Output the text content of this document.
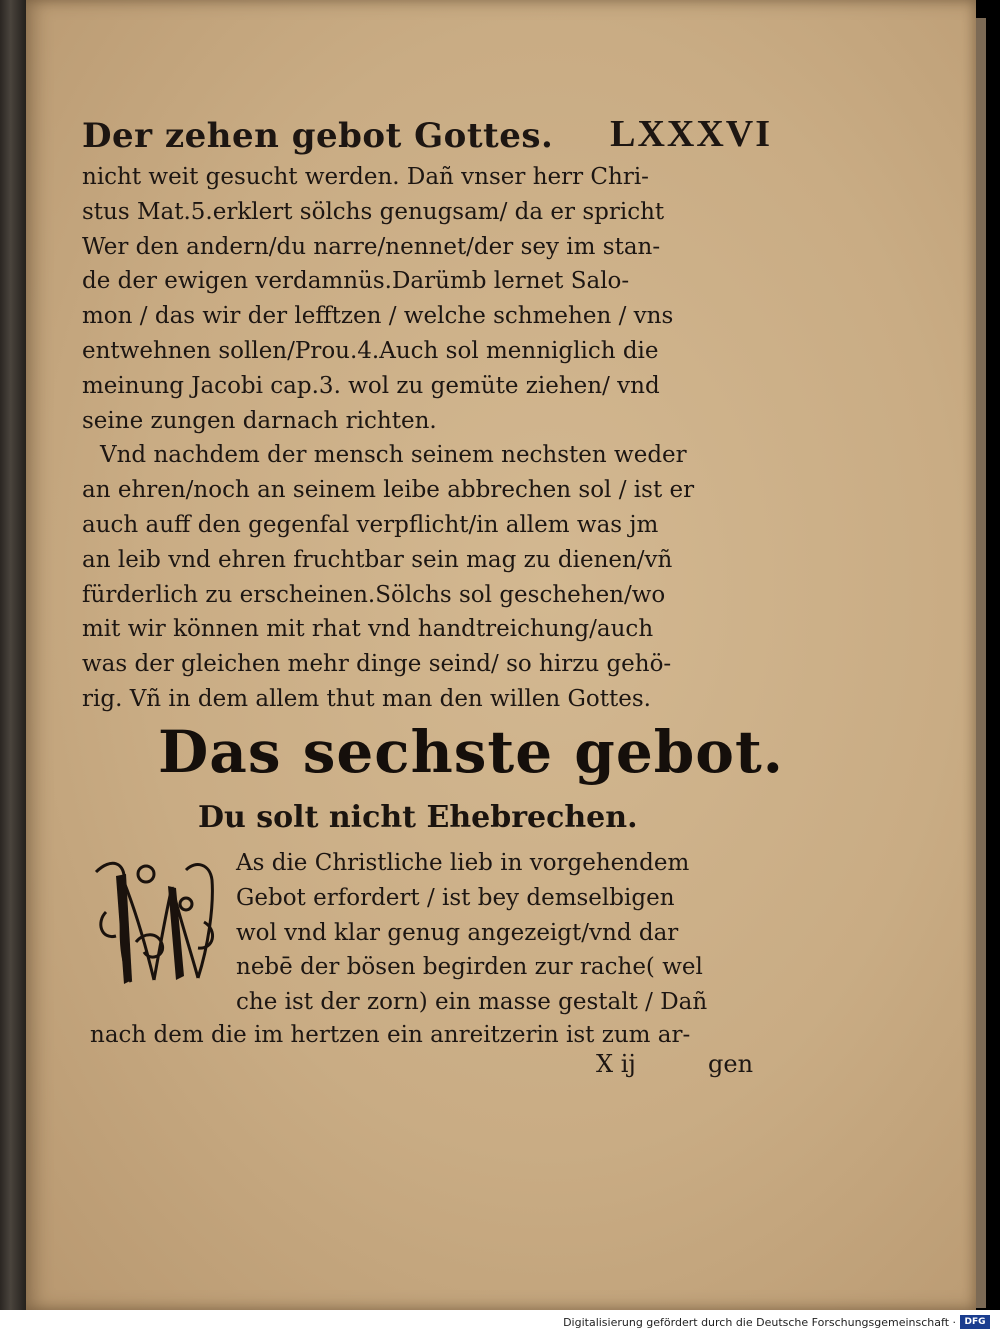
Der zehen gebot Gottes. LXXXVI
nicht weit gesucht werden. Dañ vnser herr Chri-
stus Mat.5.erklert sölchs genugsam/ da er spricht
Wer den andern/du narre/nennet/der sey im stan-
de der ewigen verdamnüs.Darümb lernet Salo-
mon / das wir der lefftzen / welche schmehen / vns
entwehnen sollen/Prou.4.Auch sol menniglich die
meinung Jacobi cap.3. wol zu gemüte ziehen/ vnd
seine zungen darnach richten.
Vnd nachdem der mensch seinem nechsten weder
an ehren/noch an seinem leibe abbrechen sol / ist er
auch auff den gegenfal verpflicht/in allem was jm
an leib vnd ehren fruchtbar sein mag zu dienen/vñ
fürderlich zu erscheinen.Sölchs sol geschehen/wo
mit wir können mit rhat vnd handtreichung/auch
was der gleichen mehr dinge seind/ so hirzu gehö-
rig. Vñ in dem allem thut man den willen Gottes.
Das sechste gebot.
Du solt nicht Ehebrechen.
As die Christliche lieb in vorgehendem
Gebot erfordert / ist bey demselbigen
wol vnd klar genug angezeigt/vnd dar
nebē der bösen begirden zur rache( wel
che ist der zorn) ein masse gestalt / Dañ
nach dem die im hertzen ein anreitzerin ist zum ar-
X ij	gen
Digitalisierung gefördert durch die Deutsche Forschungsgemeinschaft · DFG
